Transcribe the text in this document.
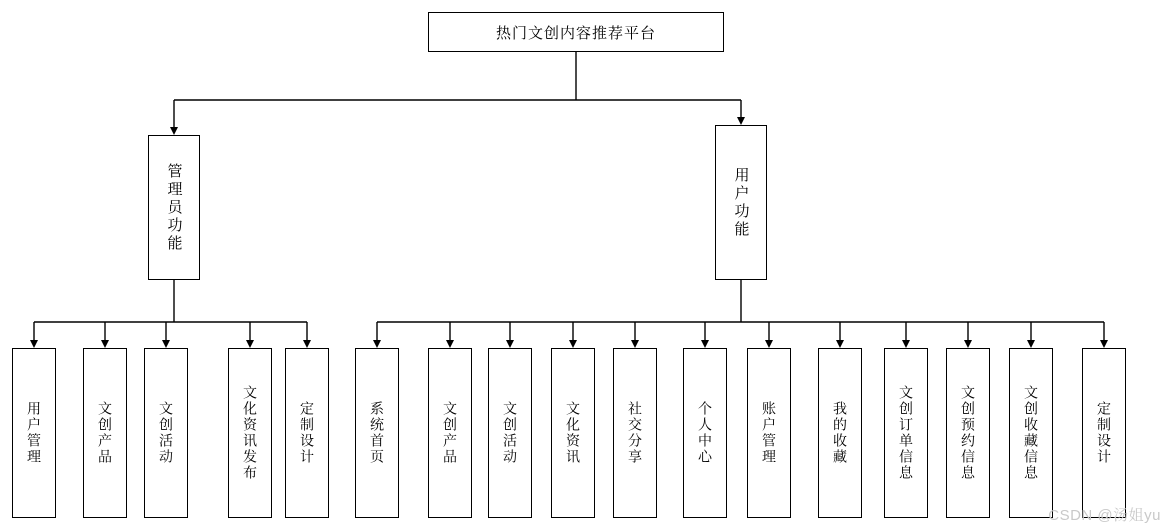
热门文创内容推荐平台
管理员功能	用户功能
用户管理	文创产品	文创活动	文化资讯发布	定制设计	系统首页	文创产品	文创活动	文化资讯	社交分享	个人中心	账户管理	我的收藏	文创订单信息	文创预约信息	文创收藏信息	定制设计
CSDN @汤姐yu
